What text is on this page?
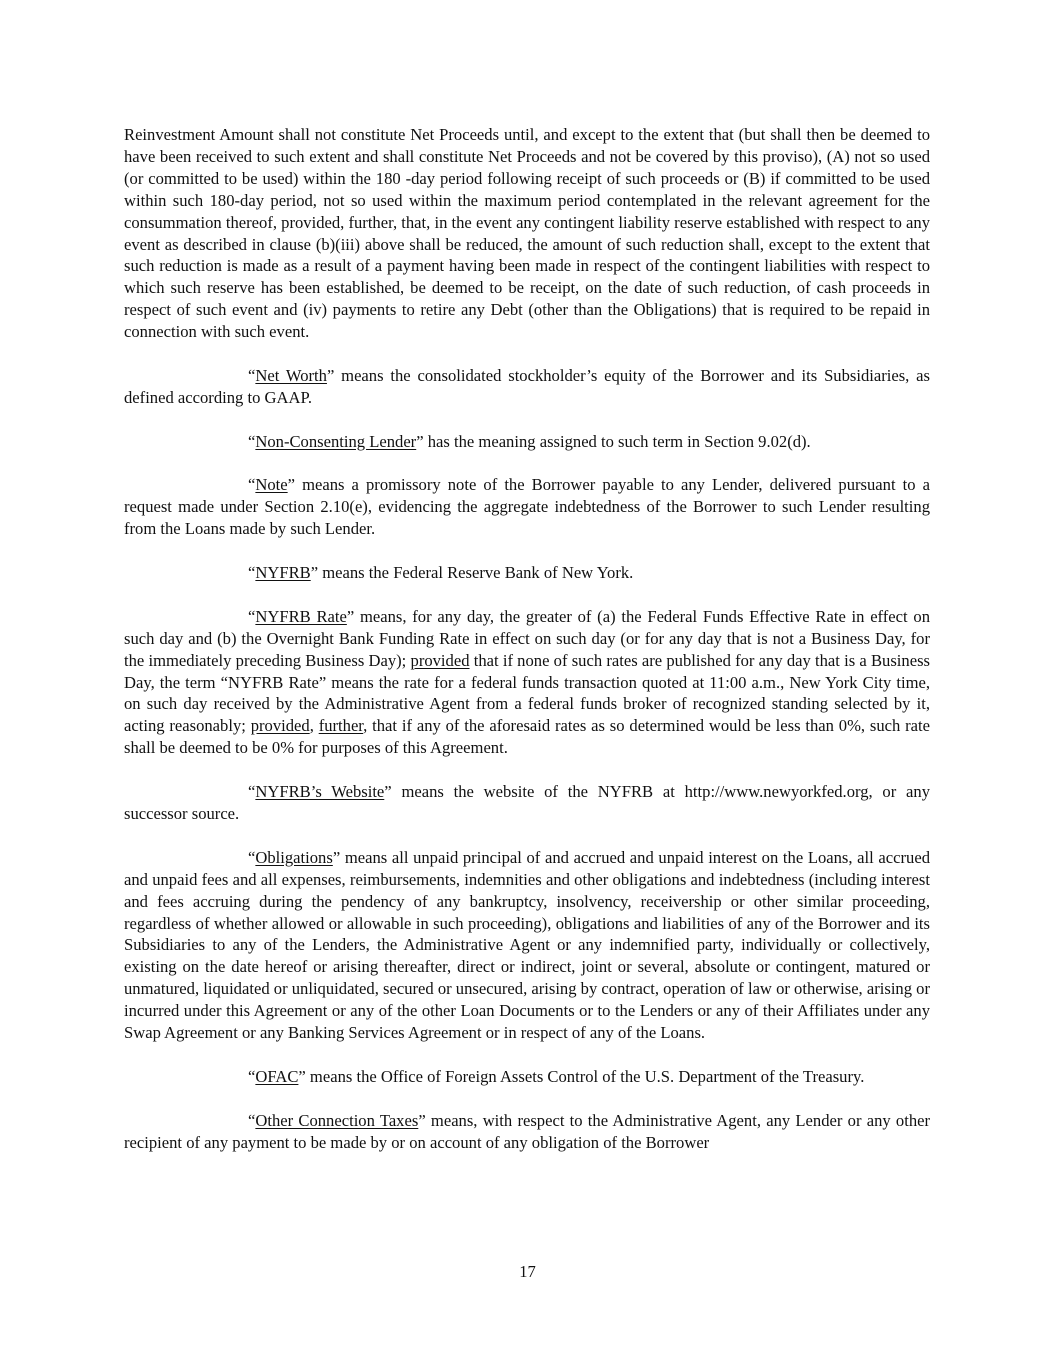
Reinvestment Amount shall not constitute Net Proceeds until, and except to the extent that (but shall then be deemed to have been received to such extent and shall constitute Net Proceeds and not be covered by this proviso), (A) not so used (or committed to be used) within the 180 -day period following receipt of such proceeds or (B) if committed to be used within such 180-day period, not so used within the maximum period contemplated in the relevant agreement for the consummation thereof, provided, further, that, in the event any contingent liability reserve established with respect to any event as described in clause (b)(iii) above shall be reduced, the amount of such reduction shall, except to the extent that such reduction is made as a result of a payment having been made in respect of the contingent liabilities with respect to which such reserve has been established, be deemed to be receipt, on the date of such reduction, of cash proceeds in respect of such event and (iv) payments to retire any Debt (other than the Obligations) that is required to be repaid in connection with such event.

“Net Worth” means the consolidated stockholder’s equity of the Borrower and its Subsidiaries, as defined according to GAAP.

“Non-Consenting Lender” has the meaning assigned to such term in Section 9.02(d).

“Note” means a promissory note of the Borrower payable to any Lender, delivered pursuant to a request made under Section 2.10(e), evidencing the aggregate indebtedness of the Borrower to such Lender resulting from the Loans made by such Lender.

“NYFRB” means the Federal Reserve Bank of New York.

“NYFRB Rate” means, for any day, the greater of (a) the Federal Funds Effective Rate in effect on such day and (b) the Overnight Bank Funding Rate in effect on such day (or for any day that is not a Business Day, for the immediately preceding Business Day); provided that if none of such rates are published for any day that is a Business Day, the term “NYFRB Rate” means the rate for a federal funds transaction quoted at 11:00 a.m., New York City time, on such day received by the Administrative Agent from a federal funds broker of recognized standing selected by it, acting reasonably; provided, further, that if any of the aforesaid rates as so determined would be less than 0%, such rate shall be deemed to be 0% for purposes of this Agreement.

“NYFRB’s Website” means the website of the NYFRB at http://www.newyorkfed.org, or any successor source.

“Obligations” means all unpaid principal of and accrued and unpaid interest on the Loans, all accrued and unpaid fees and all expenses, reimbursements, indemnities and other obligations and indebtedness (including interest and fees accruing during the pendency of any bankruptcy, insolvency, receivership or other similar proceeding, regardless of whether allowed or allowable in such proceeding), obligations and liabilities of any of the Borrower and its Subsidiaries to any of the Lenders, the Administrative Agent or any indemnified party, individually or collectively, existing on the date hereof or arising thereafter, direct or indirect, joint or several, absolute or contingent, matured or unmatured, liquidated or unliquidated, secured or unsecured, arising by contract, operation of law or otherwise, arising or incurred under this Agreement or any of the other Loan Documents or to the Lenders or any of their Affiliates under any Swap Agreement or any Banking Services Agreement or in respect of any of the Loans.

“OFAC” means the Office of Foreign Assets Control of the U.S. Department of the Treasury.

“Other Connection Taxes” means, with respect to the Administrative Agent, any Lender or any other recipient of any payment to be made by or on account of any obligation of the Borrower

17
